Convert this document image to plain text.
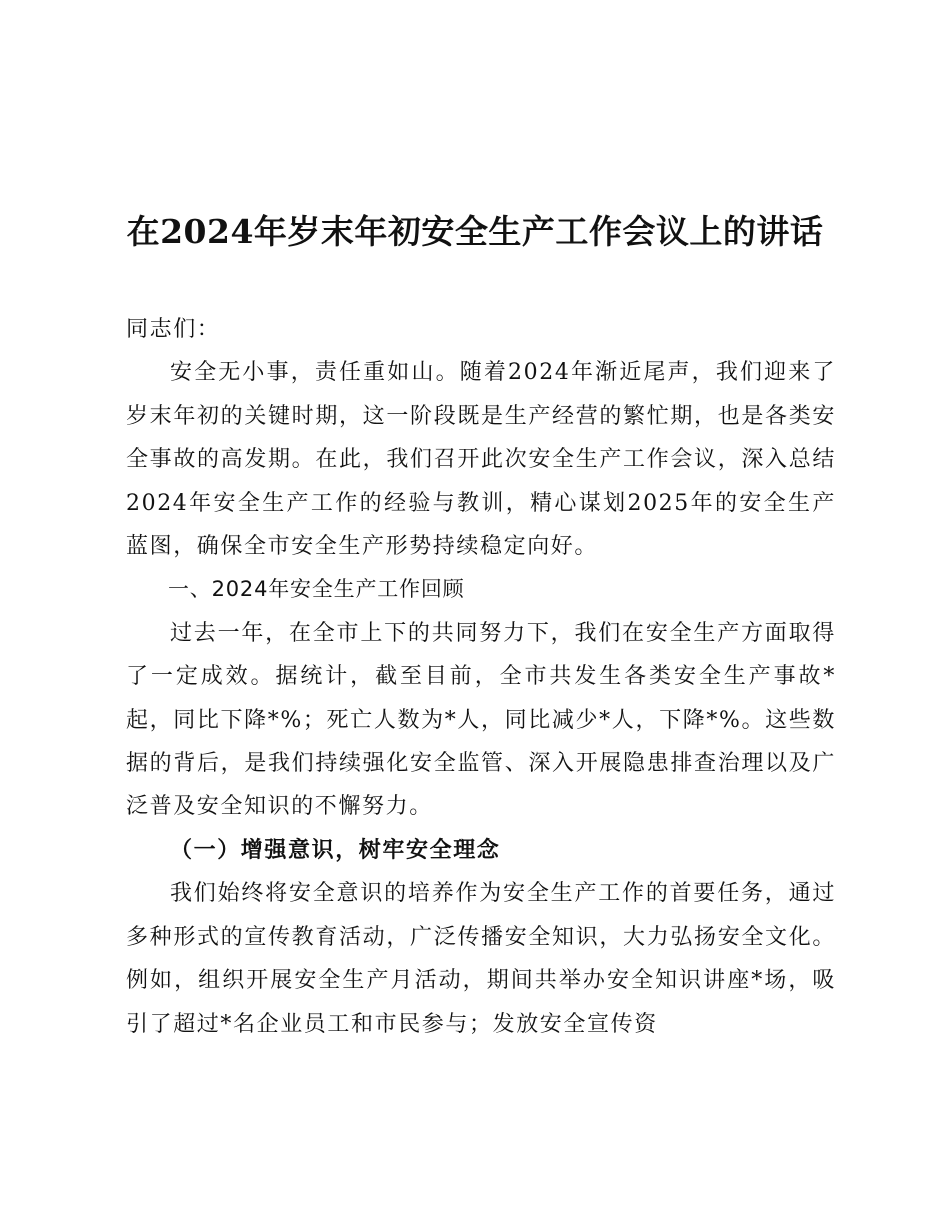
在2024年岁末年初安全生产工作会议上的讲话

同志们：

安全无小事，责任重如山。随着2024年渐近尾声，我们迎来了岁末年初的关键时期，这一阶段既是生产经营的繁忙期，也是各类安全事故的高发期。在此，我们召开此次安全生产工作会议，深入总结2024年安全生产工作的经验与教训，精心谋划2025年的安全生产蓝图，确保全市安全生产形势持续稳定向好。

一、2024年安全生产工作回顾

过去一年，在全市上下的共同努力下，我们在安全生产方面取得了一定成效。据统计，截至目前，全市共发生各类安全生产事故*起，同比下降*%；死亡人数为*人，同比减少*人，下降*%。这些数据的背后，是我们持续强化安全监管、深入开展隐患排查治理以及广泛普及安全知识的不懈努力。

（一）增强意识，树牢安全理念

我们始终将安全意识的培养作为安全生产工作的首要任务，通过多种形式的宣传教育活动，广泛传播安全知识，大力弘扬安全文化。例如，组织开展安全生产月活动，期间共举办安全知识讲座*场，吸引了超过*名企业员工和市民参与；发放安全宣传资
